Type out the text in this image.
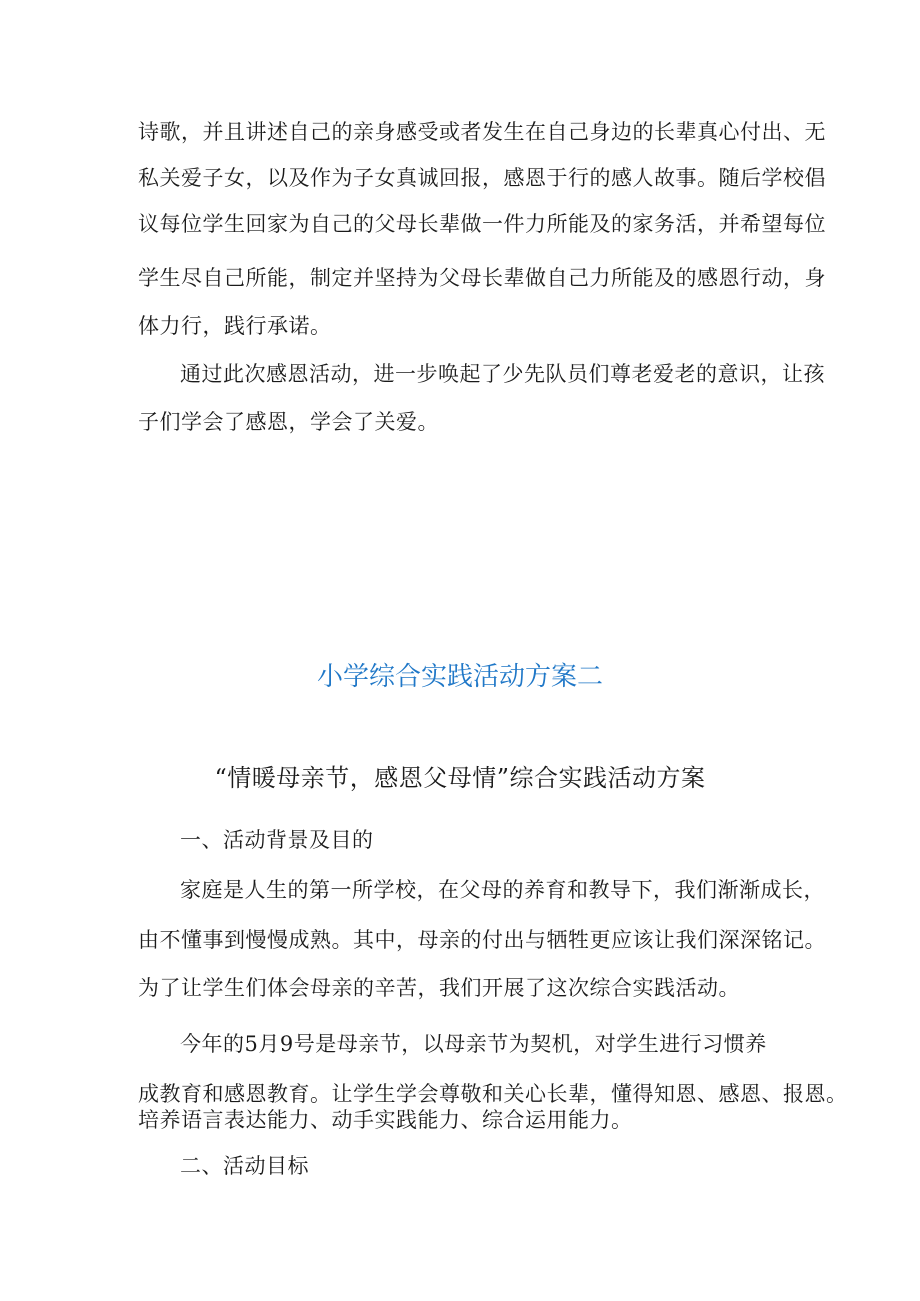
诗歌，并且讲述自己的亲身感受或者发生在自己身边的长辈真心付出、无
私关爱子女，以及作为子女真诚回报，感恩于行的感人故事。随后学校倡
议每位学生回家为自己的父母长辈做一件力所能及的家务活，并希望每位
学生尽自己所能，制定并坚持为父母长辈做自己力所能及的感恩行动，身
体力行，践行承诺。
通过此次感恩活动，进一步唤起了少先队员们尊老爱老的意识，让孩
子们学会了感恩，学会了关爱。
小学综合实践活动方案二
“情暖母亲节，感恩父母情”综合实践活动方案
一、活动背景及目的
家庭是人生的第一所学校，在父母的养育和教导下，我们渐渐成长，
由不懂事到慢慢成熟。其中，母亲的付出与牺牲更应该让我们深深铭记。
为了让学生们体会母亲的辛苦，我们开展了这次综合实践活动。
今年的5月9号是母亲节，以母亲节为契机，对学生进行习惯养
成教育和感恩教育。让学生学会尊敬和关心长辈，懂得知恩、感恩、报恩。
培养语言表达能力、动手实践能力、综合运用能力。
二、活动目标
